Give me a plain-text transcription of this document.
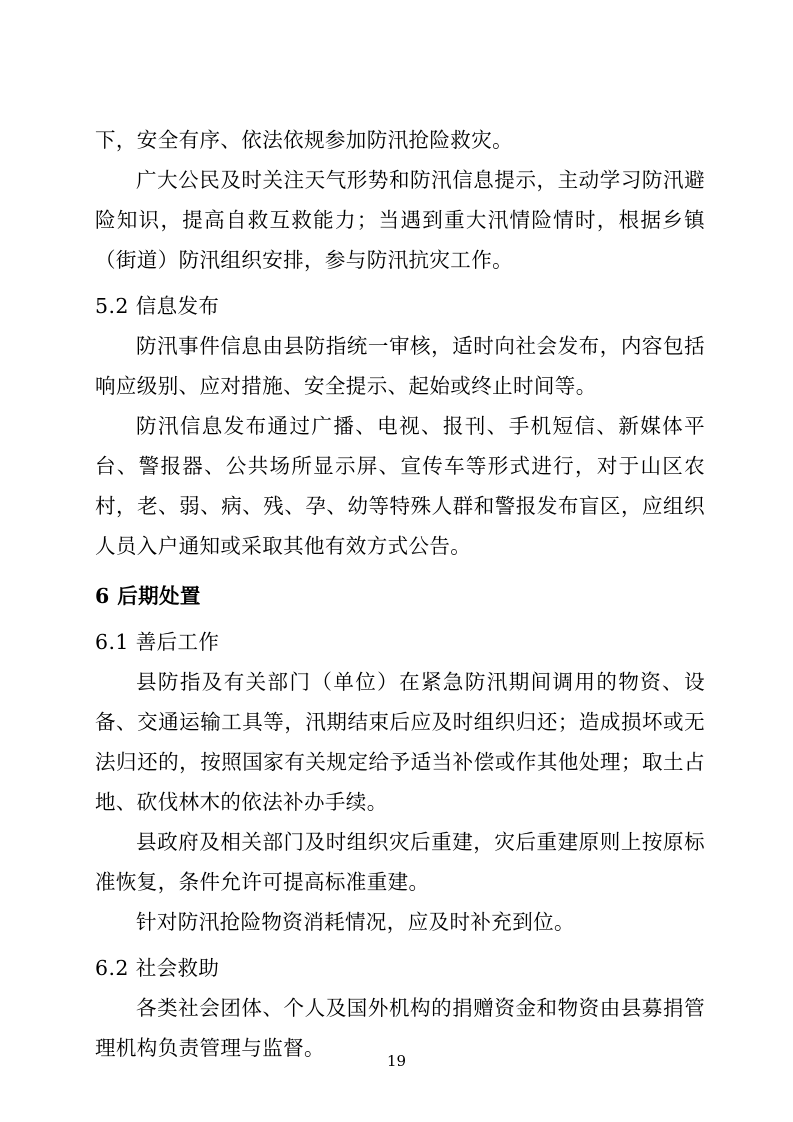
下，安全有序、依法依规参加防汛抢险救灾。

广大公民及时关注天气形势和防汛信息提示，主动学习防汛避险知识，提高自救互救能力；当遇到重大汛情险情时，根据乡镇（街道）防汛组织安排，参与防汛抗灾工作。

5.2 信息发布

防汛事件信息由县防指统一审核，适时向社会发布，内容包括响应级别、应对措施、安全提示、起始或终止时间等。

防汛信息发布通过广播、电视、报刊、手机短信、新媒体平台、警报器、公共场所显示屏、宣传车等形式进行，对于山区农村，老、弱、病、残、孕、幼等特殊人群和警报发布盲区，应组织人员入户通知或采取其他有效方式公告。

6 后期处置
6.1 善后工作

县防指及有关部门（单位）在紧急防汛期间调用的物资、设备、交通运输工具等，汛期结束后应及时组织归还；造成损坏或无法归还的，按照国家有关规定给予适当补偿或作其他处理；取土占地、砍伐林木的依法补办手续。

县政府及相关部门及时组织灾后重建，灾后重建原则上按原标准恢复，条件允许可提高标准重建。

针对防汛抢险物资消耗情况，应及时补充到位。

6.2 社会救助

各类社会团体、个人及国外机构的捐赠资金和物资由县募捐管理机构负责管理与监督。

19
